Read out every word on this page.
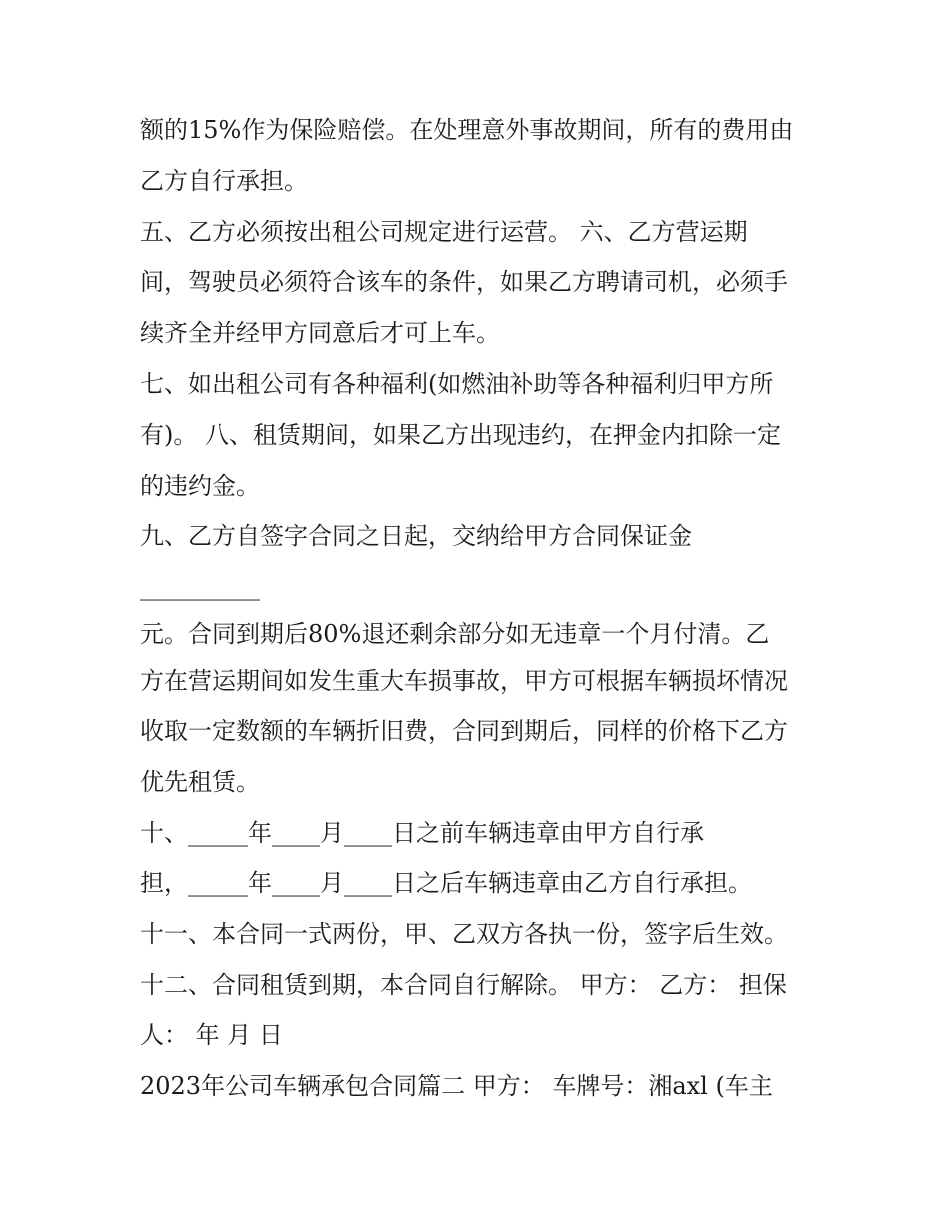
额的15%作为保险赔偿。在处理意外事故期间，所有的费用由
乙方自行承担。
五、乙方必须按出租公司规定进行运营。 六、乙方营运期
间，驾驶员必须符合该车的条件，如果乙方聘请司机，必须手
续齐全并经甲方同意后才可上车。
七、如出租公司有各种福利(如燃油补助等各种福利归甲方所
有)。 八、租赁期间，如果乙方出现违约，在押金内扣除一定
的违约金。
九、乙方自签字合同之日起，交纳给甲方合同保证金
__________
元。合同到期后80%退还剩余部分如无违章一个月付清。乙
方在营运期间如发生重大车损事故，甲方可根据车辆损坏情况
收取一定数额的车辆折旧费，合同到期后，同样的价格下乙方
优先租赁。
十、_____年____月____日之前车辆违章由甲方自行承
担，_____年____月____日之后车辆违章由乙方自行承担。
十一、本合同一式两份，甲、乙双方各执一份，签字后生效。
十二、合同租赁到期，本合同自行解除。 甲方： 乙方： 担保
人： 年 月 日
2023年公司车辆承包合同篇二 甲方： 车牌号：湘axl (车主
